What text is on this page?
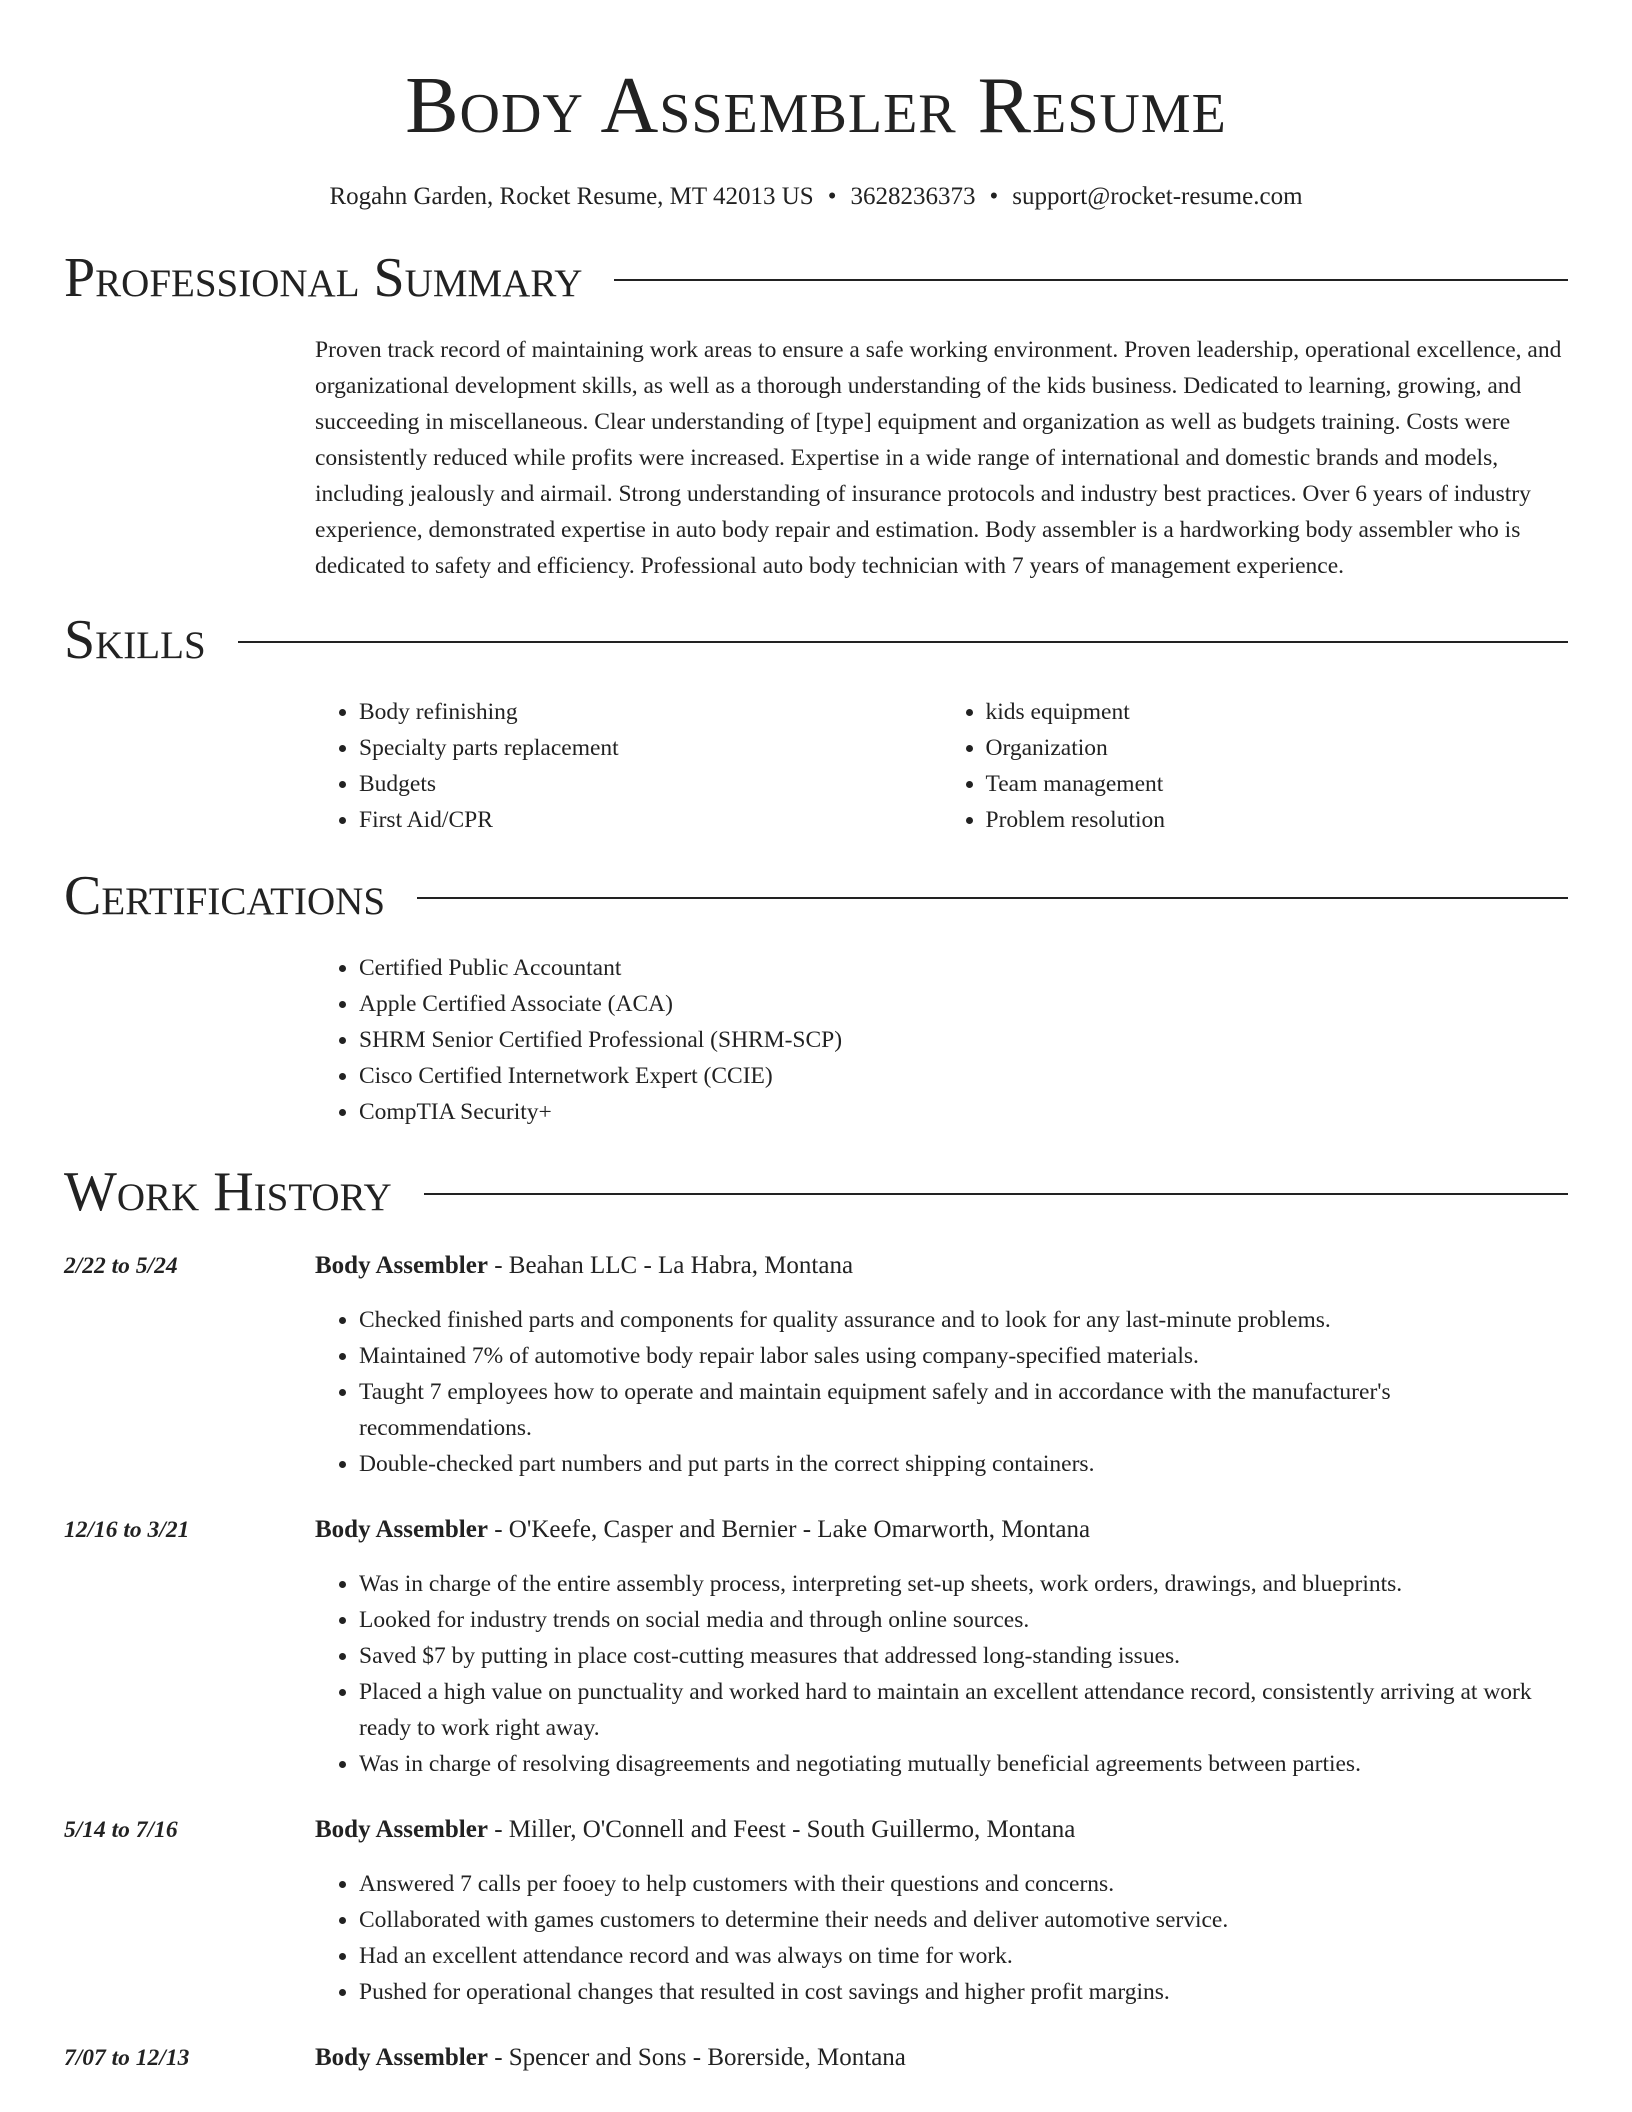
Body Assembler Resume
Rogahn Garden, Rocket Resume, MT 42013 US • 3628236373 • support@rocket-resume.com
Professional Summary

Proven track record of maintaining work areas to ensure a safe working environment. Proven leadership, operational excellence, and organizational development skills, as well as a thorough understanding of the kids business. Dedicated to learning, growing, and succeeding in miscellaneous. Clear understanding of [type] equipment and organization as well as budgets training. Costs were consistently reduced while profits were increased. Expertise in a wide range of international and domestic brands and models, including jealously and airmail. Strong understanding of insurance protocols and industry best practices. Over 6 years of industry experience, demonstrated expertise in auto body repair and estimation. Body assembler is a hardworking body assembler who is dedicated to safety and efficiency. Professional auto body technician with 7 years of management experience.

Skills
• Body refinishing
• Specialty parts replacement
• Budgets
• First Aid/CPR
• kids equipment
• Organization
• Team management
• Problem resolution
Certifications
• Certified Public Accountant
• Apple Certified Associate (ACA)
• SHRM Senior Certified Professional (SHRM-SCP)
• Cisco Certified Internetwork Expert (CCIE)
• CompTIA Security+
Work History
2/22 to 5/24	Body Assembler - Beahan LLC - La Habra, Montana
• Checked finished parts and components for quality assurance and to look for any last-minute problems.
• Maintained 7% of automotive body repair labor sales using company-specified materials.
• Taught 7 employees how to operate and maintain equipment safely and in accordance with the manufacturer's recommendations.
• Double-checked part numbers and put parts in the correct shipping containers.
12/16 to 3/21	Body Assembler - O'Keefe, Casper and Bernier - Lake Omarworth, Montana
• Was in charge of the entire assembly process, interpreting set-up sheets, work orders, drawings, and blueprints.
• Looked for industry trends on social media and through online sources.
• Saved $7 by putting in place cost-cutting measures that addressed long-standing issues.
• Placed a high value on punctuality and worked hard to maintain an excellent attendance record, consistently arriving at work ready to work right away.
• Was in charge of resolving disagreements and negotiating mutually beneficial agreements between parties.
5/14 to 7/16	Body Assembler - Miller, O'Connell and Feest - South Guillermo, Montana
• Answered 7 calls per fooey to help customers with their questions and concerns.
• Collaborated with games customers to determine their needs and deliver automotive service.
• Had an excellent attendance record and was always on time for work.
• Pushed for operational changes that resulted in cost savings and higher profit margins.
7/07 to 12/13	Body Assembler - Spencer and Sons - Borerside, Montana
